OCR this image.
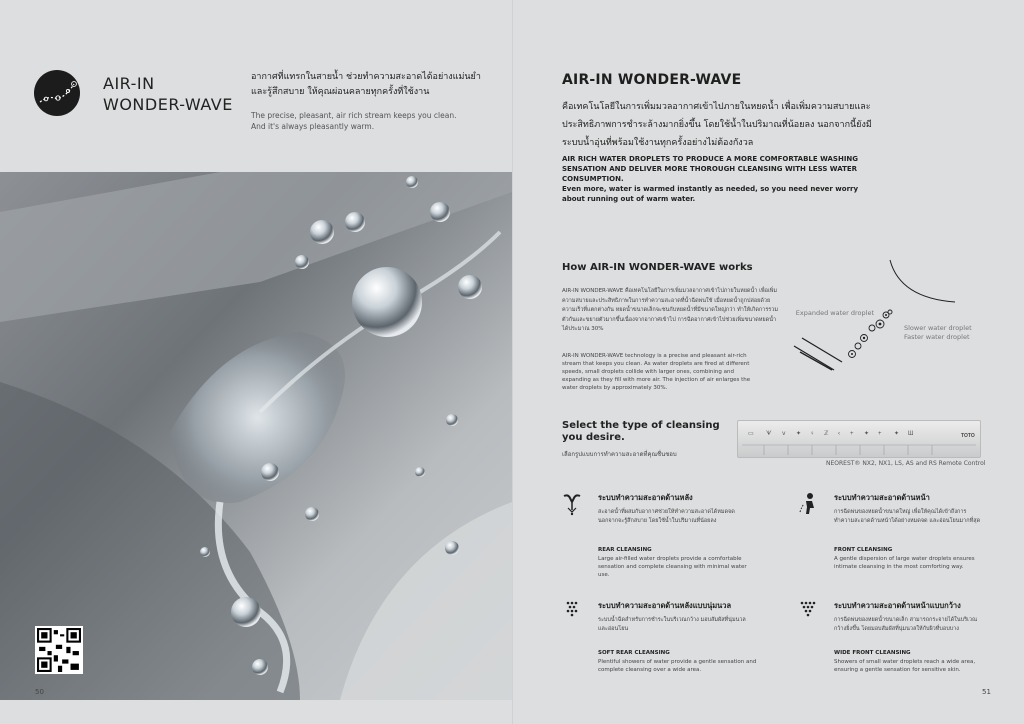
AIR-IN
WONDER-WAVE
อากาศที่แทรกในสายน้ำ ช่วยทำความสะอาดได้อย่างแม่นยำและรู้สึกสบาย ให้คุณผ่อนคลายทุกครั้งที่ใช้งาน
The precise, pleasant, air rich stream keeps you clean.
And it's always pleasantly warm.
50
AIR-IN WONDER-WAVE
คือเทคโนโลยีในการเพิ่มมวลอากาศเข้าไปภายในหยดน้ำ เพื่อเพิ่มความสบายและประสิทธิภาพการชำระล้างมากยิ่งขึ้น โดยใช้น้ำในปริมาณที่น้อยลง นอกจากนี้ยังมีระบบน้ำอุ่นที่พร้อมใช้งานทุกครั้งอย่างไม่ต้องกังวล
AIR RICH WATER DROPLETS TO PRODUCE A MORE COMFORTABLE WASHING SENSATION AND DELIVER MORE THOROUGH CLEANSING WITH LESS WATER CONSUMPTION.
Even more, water is warmed instantly as needed, so you need never worry about running out of warm water.
How AIR-IN WONDER-WAVE works
AIR-IN WONDER-WAVE คือเทคโนโลยีในการเพิ่มมวลอากาศเข้าไปภายในหยดน้ำ เพื่อเพิ่มความสบายและประสิทธิภาพในการทำความสะอาดที่น้ำฉีดพ่นใช้ เมื่อหยดน้ำถูกปล่อยด้วยความเร็วที่แตกต่างกัน หยดน้ำขนาดเล็กจะชนกับหยดน้ำที่มีขนาดใหญ่กว่า ทำให้เกิดการรวมตัวกันและขยายตัวมากขึ้นเนื่องจากอากาศเข้าไป การฉีดอากาศเข้าไปช่วยเพิ่มขนาดหยดน้ำได้ประมาณ 30%
AIR-IN WONDER-WAVE technology is a precise and pleasant air-rich stream that keeps you clean. As water droplets are fired at different speeds, small droplets collide with larger ones, combining and expanding as they fill with more air. The injection of air enlarges the water droplets by approximately 30%.
Expanded water droplet
Slower water droplet
Faster water droplet
Select the type of cleansing
you desire.
เลือกรูปแบบการทำความสะอาดที่คุณชื่นชอบ
▭ ᗐ ⅴ ✦ ♀ ℤ ‹ + ✦ + ✦ Ш	TOTO
NEOREST® NX2, NX1, LS, AS and RS Remote Control
ระบบทำความสะอาดด้านหลัง
สะอาดน้ำที่ผสมกับอากาศช่วยให้ทำความสะอาดได้หมดจด นอกจากจะรู้สึกสบาย โดยใช้น้ำในปริมาณที่น้อยลง
REAR CLEANSING
Large air-filled water droplets provide a comfortable sensation and complete cleansing with minimal water use.
ระบบทำความสะอาดด้านหน้า
การฉีดพ่นของหยดน้ำขนาดใหญ่ เพื่อให้คุณได้เข้าถึงการทำความสะอาดด้านหน้าได้อย่างหมดจด และอ่อนโยนมากที่สุด
FRONT CLEANSING
A gentle dispersion of large water droplets ensures intimate cleansing in the most comforting way.
ระบบทำความสะอาดด้านหลังแบบนุ่มนวล
ระบบน้ำฉีดสำหรับการชำระในบริเวณกว้าง มอบสัมผัสที่นุ่มนวลและอ่อนโยน
SOFT REAR CLEANSING
Plentiful showers of water provide a gentle sensation and complete cleansing over a wide area.
ระบบทำความสะอาดด้านหน้าแบบกว้าง
การฉีดพ่นของหยดน้ำขนาดเล็ก สามารถกระจายได้ในบริเวณกว้างยิ่งขึ้น โดยมอบสัมผัสที่นุ่มนวลให้กับผิวที่บอบบาง
WIDE FRONT CLEANSING
Showers of small water droplets reach a wide area, ensuring a gentle sensation for sensitive skin.
51
